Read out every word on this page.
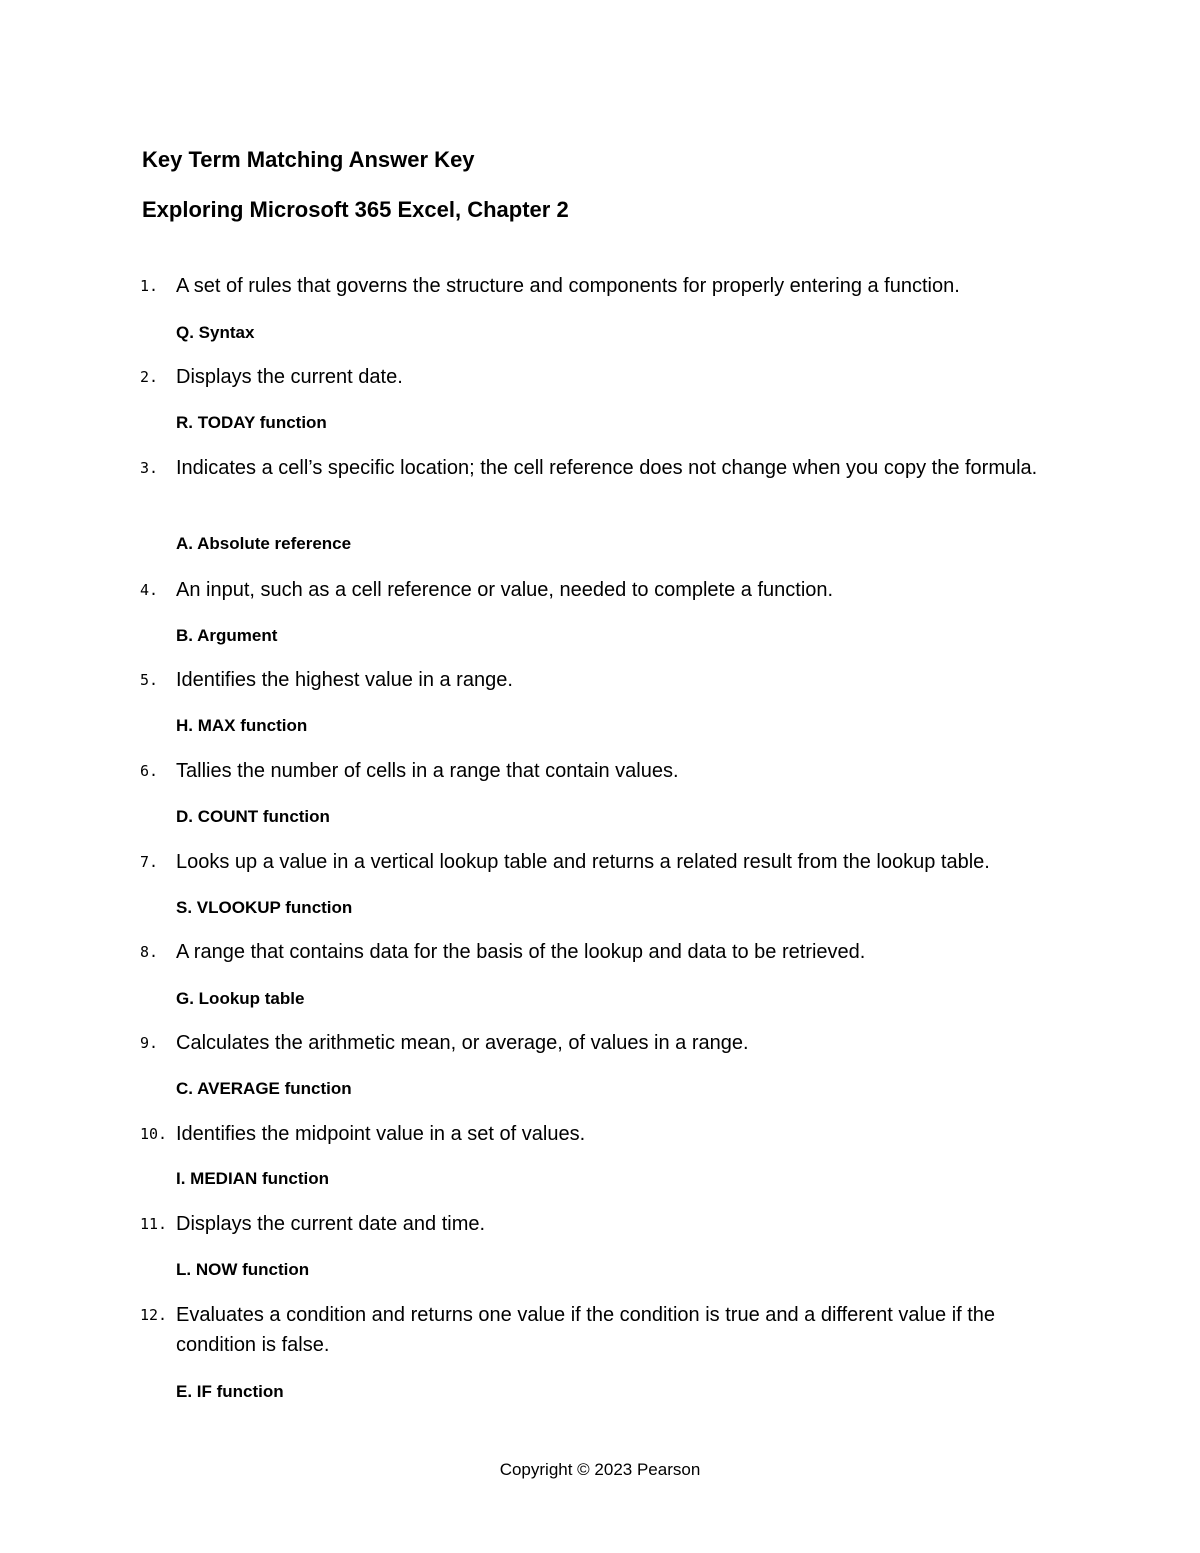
Key Term Matching Answer Key
Exploring Microsoft 365 Excel, Chapter 2
1. A set of rules that governs the structure and components for properly entering a function.
Q. Syntax
2. Displays the current date.
R. TODAY function
3. Indicates a cell’s specific location; the cell reference does not change when you copy the formula.
A. Absolute reference
4. An input, such as a cell reference or value, needed to complete a function.
B. Argument
5. Identifies the highest value in a range.
H. MAX function
6. Tallies the number of cells in a range that contain values.
D. COUNT function
7. Looks up a value in a vertical lookup table and returns a related result from the lookup table.
S. VLOOKUP function
8. A range that contains data for the basis of the lookup and data to be retrieved.
G. Lookup table
9. Calculates the arithmetic mean, or average, of values in a range.
C. AVERAGE function
10. Identifies the midpoint value in a set of values.
I. MEDIAN function
11. Displays the current date and time.
L. NOW function
12. Evaluates a condition and returns one value if the condition is true and a different value if the condition is false.
E. IF function
Copyright © 2023 Pearson
